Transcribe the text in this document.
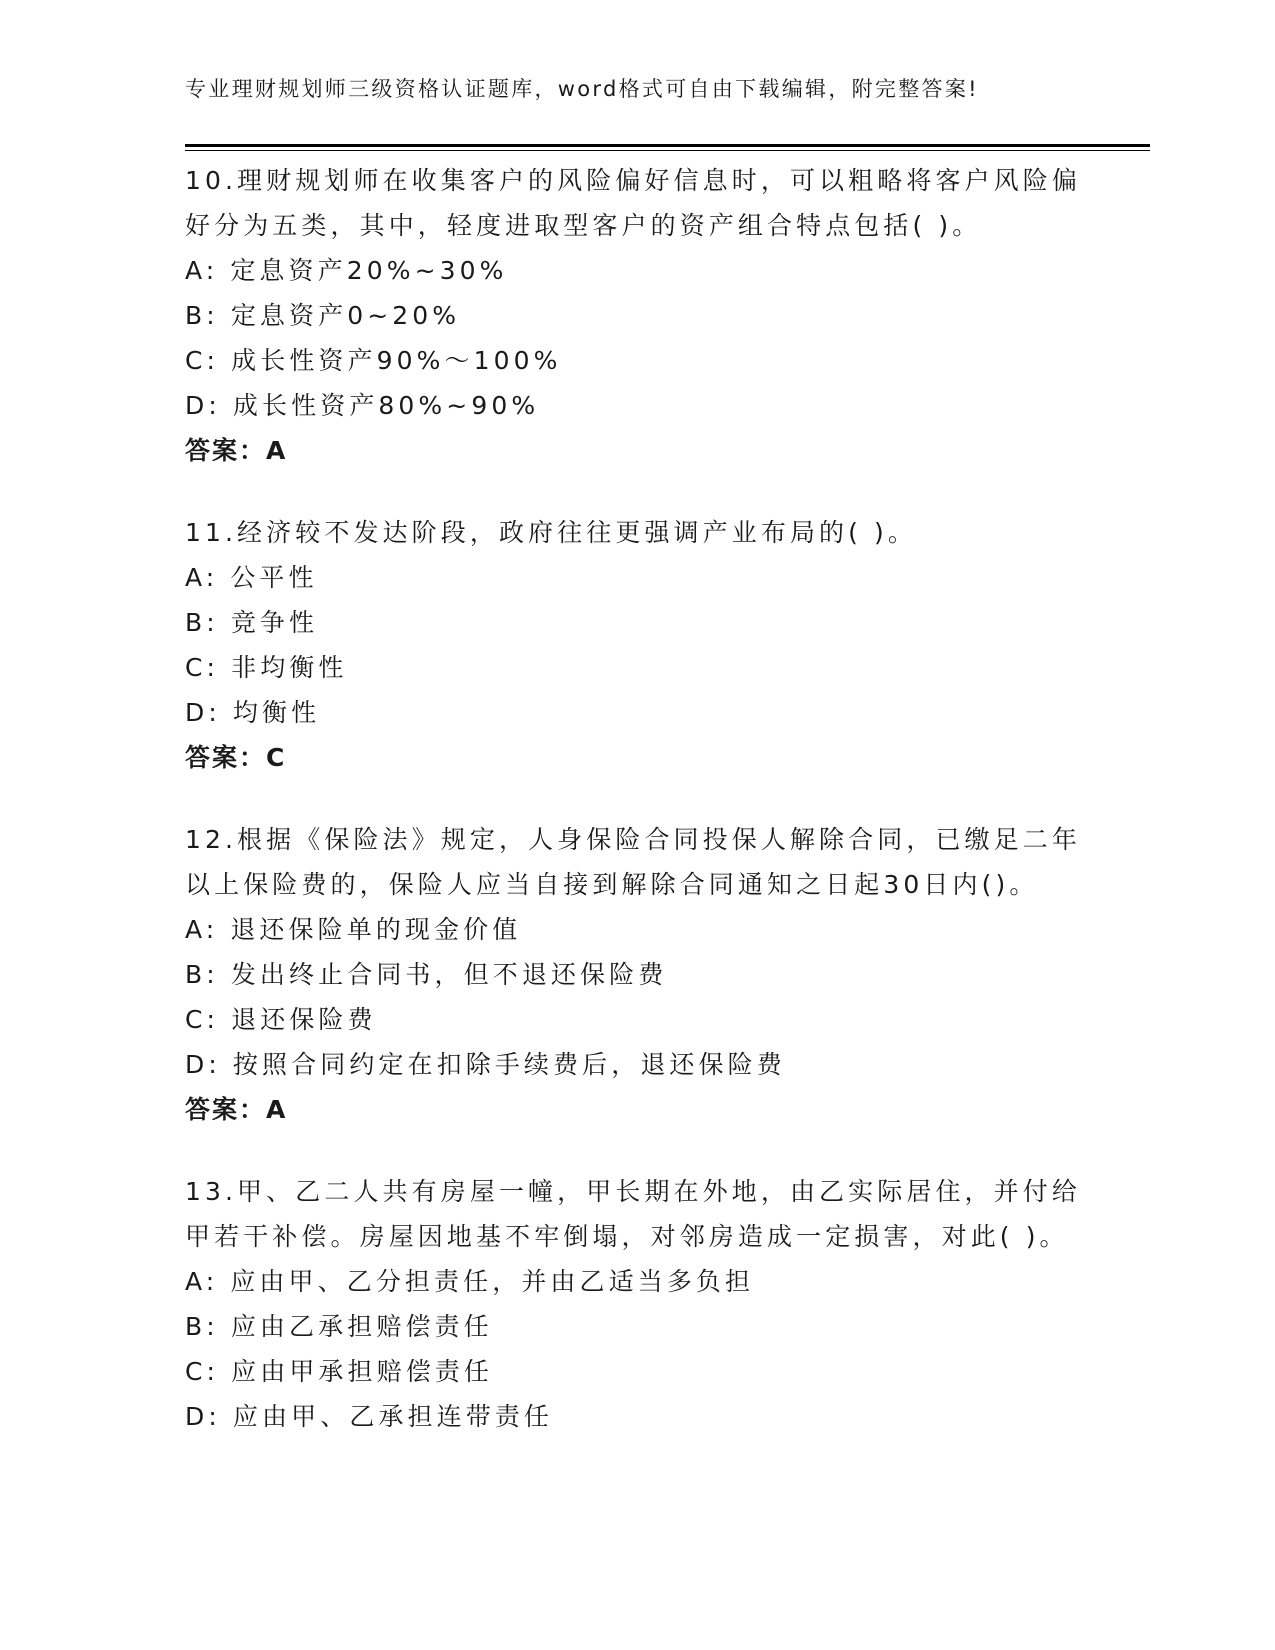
专业理财规划师三级资格认证题库，word格式可自由下载编辑，附完整答案!

10.理财规划师在收集客户的风险偏好信息时，可以粗略将客户风险偏好分为五类，其中，轻度进取型客户的资产组合特点包括( )。

A: 定息资产20%~30%
B: 定息资产0~20%
C: 成长性资产90%～100%
D: 成长性资产80%~90%

答案：A

11.经济较不发达阶段，政府往往更强调产业布局的( )。

A: 公平性
B: 竞争性
C: 非均衡性
D: 均衡性

答案：C

12.根据《保险法》规定，人身保险合同投保人解除合同，已缴足二年以上保险费的，保险人应当自接到解除合同通知之日起30日内()。

A: 退还保险单的现金价值
B: 发出终止合同书，但不退还保险费
C: 退还保险费
D: 按照合同约定在扣除手续费后，退还保险费

答案：A

13.甲、乙二人共有房屋一幢，甲长期在外地，由乙实际居住，并付给甲若干补偿。房屋因地基不牢倒塌，对邻房造成一定损害，对此( )。

A: 应由甲、乙分担责任，并由乙适当多负担
B: 应由乙承担赔偿责任
C: 应由甲承担赔偿责任
D: 应由甲、乙承担连带责任
